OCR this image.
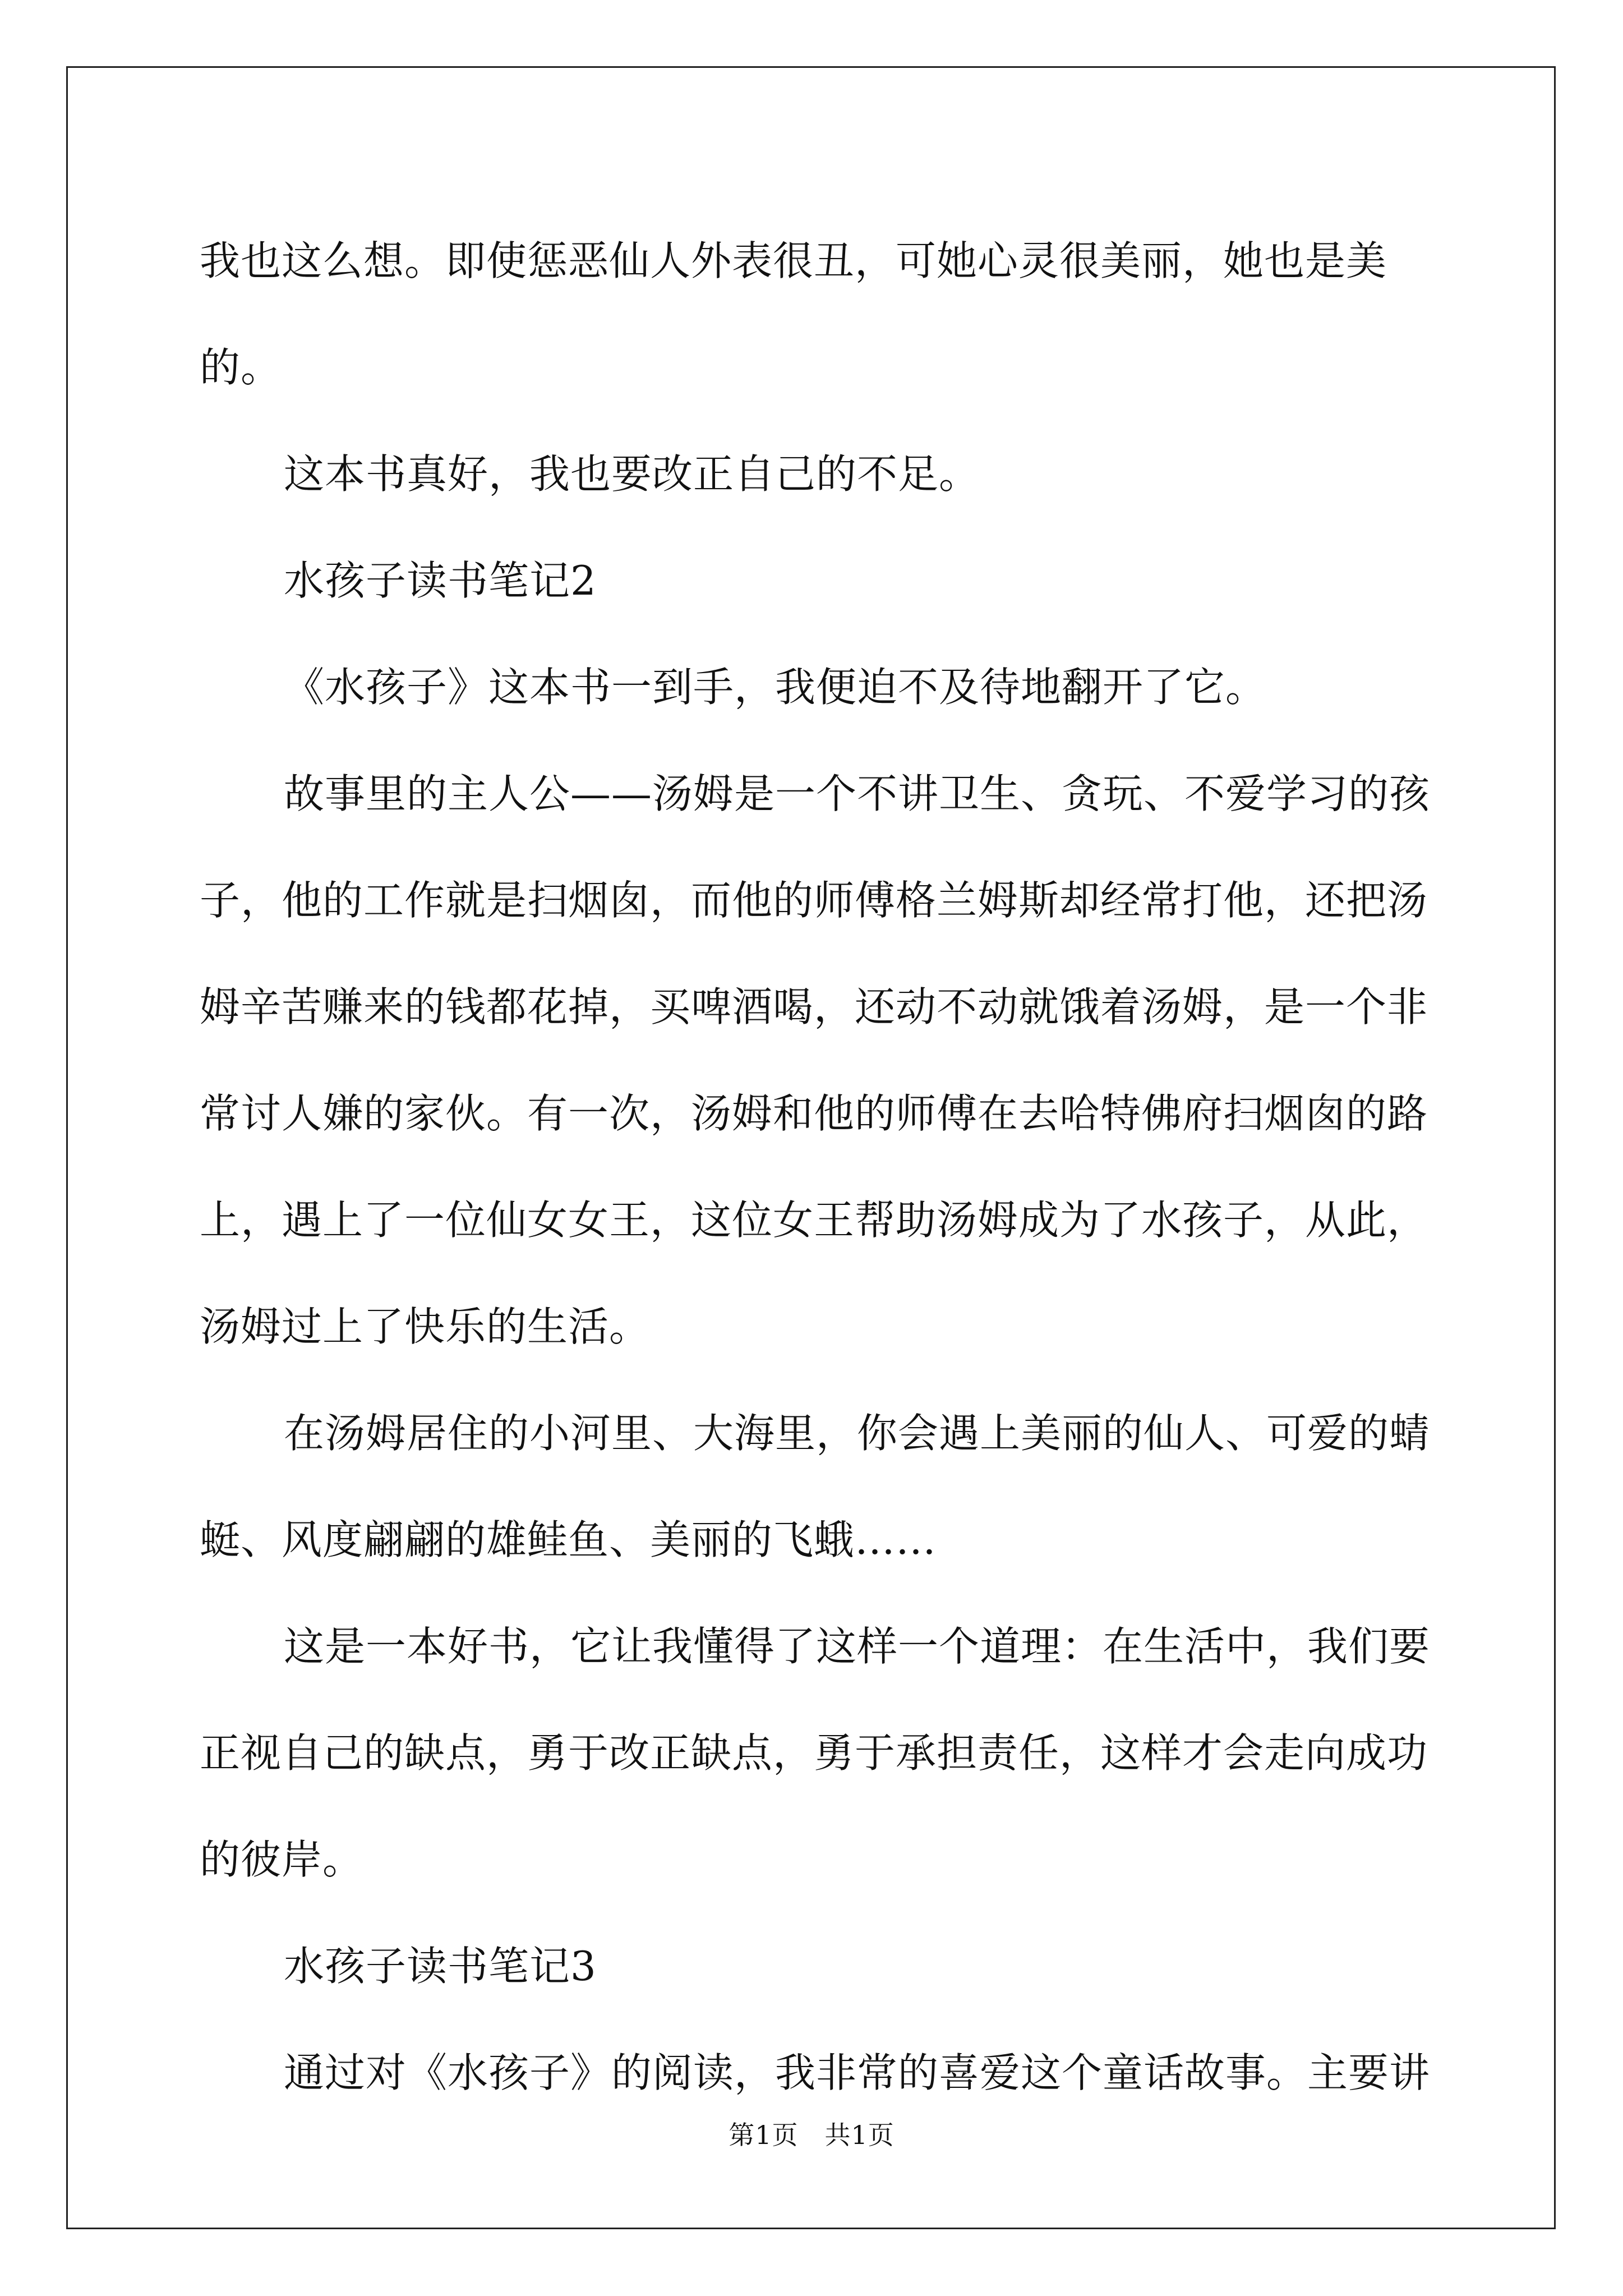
我也这么想。即使惩恶仙人外表很丑，可她心灵很美丽，她也是美的。

这本书真好，我也要改正自己的不足。

水孩子读书笔记2

《水孩子》这本书一到手，我便迫不及待地翻开了它。

故事里的主人公——汤姆是一个不讲卫生、贪玩、不爱学习的孩子，他的工作就是扫烟囱，而他的师傅格兰姆斯却经常打他，还把汤姆辛苦赚来的钱都花掉，买啤酒喝，还动不动就饿着汤姆，是一个非常讨人嫌的家伙。有一次，汤姆和他的师傅在去哈特佛府扫烟囱的路上，遇上了一位仙女女王，这位女王帮助汤姆成为了水孩子，从此，汤姆过上了快乐的生活。

在汤姆居住的小河里、大海里，你会遇上美丽的仙人、可爱的蜻蜓、风度翩翩的雄鲑鱼、美丽的飞蛾……

这是一本好书，它让我懂得了这样一个道理：在生活中，我们要正视自己的缺点，勇于改正缺点，勇于承担责任，这样才会走向成功的彼岸。

水孩子读书笔记3

通过对《水孩子》的阅读，我非常的喜爱这个童话故事。主要讲

第1页　共1页
